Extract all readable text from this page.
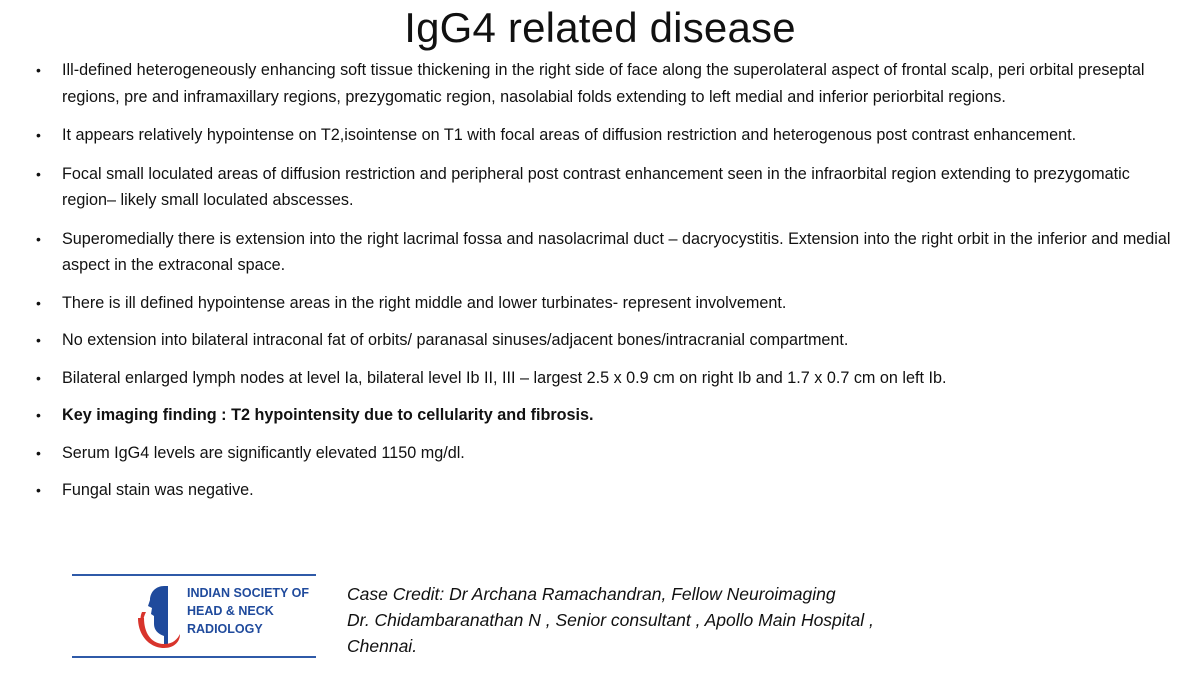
IgG4 related disease
• Ill-defined heterogeneously enhancing soft tissue thickening in the right side of face along the superolateral aspect of frontal scalp, peri orbital preseptal regions, pre and inframaxillary regions, prezygomatic region, nasolabial folds extending to left medial and inferior periorbital regions.
• It appears relatively hypointense on T2,isointense on T1 with focal areas of diffusion restriction and heterogenous post contrast enhancement.
• Focal small loculated areas of diffusion restriction and peripheral post contrast enhancement seen in the infraorbital region extending to prezygomatic region– likely small loculated abscesses.
• Superomedially there is extension into the right lacrimal fossa and nasolacrimal duct – dacryocystitis. Extension into the right orbit in the inferior and medial aspect in the extraconal space.
• There is ill defined hypointense areas in the right middle and lower turbinates- represent involvement.
• No extension into bilateral intraconal fat of orbits/ paranasal sinuses/adjacent bones/intracranial compartment.
• Bilateral enlarged lymph nodes at level Ia, bilateral level Ib II, III – largest 2.5 x 0.9 cm on right Ib and 1.7 x 0.7 cm on left Ib.
• Key imaging finding : T2 hypointensity due to cellularity and fibrosis.
• Serum IgG4 levels are significantly elevated 1150 mg/dl.
• Fungal stain was negative.
INDIAN SOCIETY OF
HEAD & NECK
RADIOLOGY
Case Credit: Dr Archana Ramachandran, Fellow Neuroimaging
Dr. Chidambaranathan N , Senior consultant , Apollo Main Hospital ,
Chennai.
